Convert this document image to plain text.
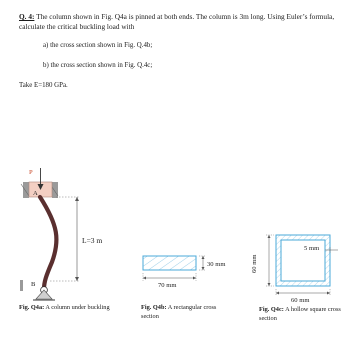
Q. 4: The column shown in Fig. Q4a is pinned at both ends. The column is 3m long. Using Euler’s formula, calculate the critical buckling load with
a) the cross section shown in Fig. Q.4b;
b) the cross section shown in Fig. Q.4c;
Take E=180 GPa.
P
A
B
L=3 m
Fig. Q4a: A column under buckling
30 mm
70 mm
Fig. Q4b: A rectangular cross section
60 mm
5 mm
60 mm
Fig. Q4c: A hollow square cross section
